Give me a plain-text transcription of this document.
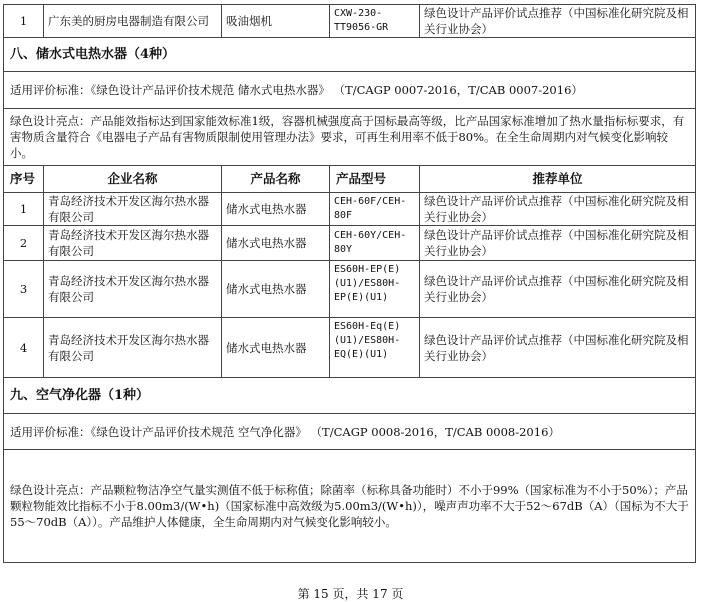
1	广东美的厨房电器制造有限公司	吸油烟机	CXW-230-TT9056-GR	绿色设计产品评价试点推荐（中国标准化研究院及相关行业协会）
八、储水式电热水器（4种）				
适用评价标准：《绿色设计产品评价技术规范 储水式电热水器》 （T/CAGP 0007-2016，T/CAB 0007-2016）				
绿色设计亮点：产品能效指标达到国家能效标准1级，容器机械强度高于国标最高等级，比产品国家标准增加了热水量指标标要求，有害物质含量符合《电器电子产品有害物质限制使用管理办法》要求，可再生利用率不低于80%。在全生命周期内对气候变化影响较小。				
序号	企业名称	产品名称	产品型号	推荐单位
1	青岛经济技术开发区海尔热水器有限公司	储水式电热水器	CEH-60F/CEH-80F	绿色设计产品评价试点推荐（中国标准化研究院及相关行业协会）
2	青岛经济技术开发区海尔热水器有限公司	储水式电热水器	CEH-60Y/CEH-80Y	绿色设计产品评价试点推荐（中国标准化研究院及相关行业协会）
3	青岛经济技术开发区海尔热水器有限公司	储水式电热水器	ES60H-EP(E)(U1)/ES80H-EP(E)(U1)	绿色设计产品评价试点推荐（中国标准化研究院及相关行业协会）
4	青岛经济技术开发区海尔热水器有限公司	储水式电热水器	ES60H-Eq(E)(U1)/ES80H-EQ(E)(U1)	绿色设计产品评价试点推荐（中国标准化研究院及相关行业协会）
九、空气净化器（1种）				
适用评价标准：《绿色设计产品评价技术规范 空气净化器》 （T/CAGP 0008-2016，T/CAB 0008-2016）				
绿色设计亮点：产品颗粒物洁净空气量实测值不低于标称值；除菌率（标称具备功能时）不小于99%（国家标准为不小于50%）；产品颗粒物能效比指标不小于8.00m3/(W•h)（国家标准中高效级为5.00m3/(W•h)），噪声声功率不大于52～67dB（A）（国标为不大于55～70dB（A））。产品维护人体健康，全生命周期内对气候变化影响较小。				
第 15 页，共 17 页
